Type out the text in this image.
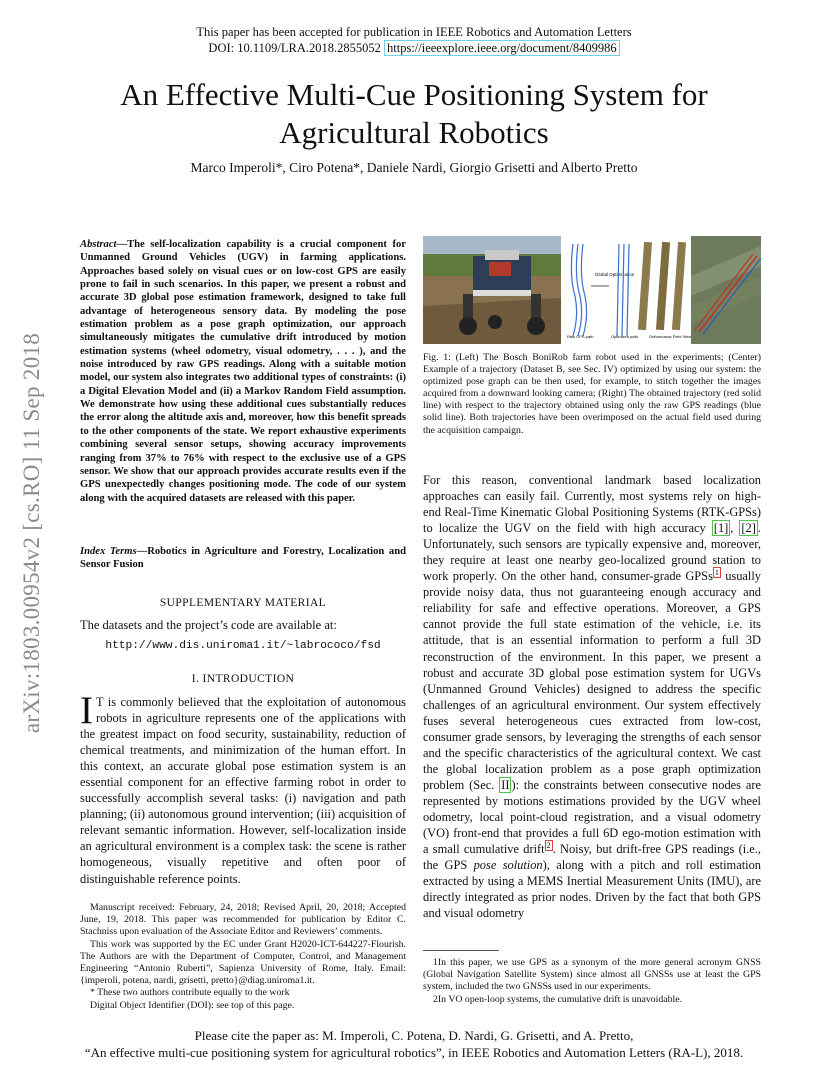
This paper has been accepted for publication in IEEE Robotics and Automation Letters
DOI: 10.1109/LRA.2018.2855052 https://ieeexplore.ieee.org/document/8409986
An Effective Multi-Cue Positioning System for
Agricultural Robotics
Marco Imperoli*, Ciro Potena*, Daniele Nardi, Giorgio Grisetti and Alberto Pretto
arXiv:1803.00954v2 [cs.RO] 11 Sep 2018
Abstract—The self-localization capability is a crucial component for Unmanned Ground Vehicles (UGV) in farming applications. Approaches based solely on visual cues or on low-cost GPS are easily prone to fail in such scenarios. In this paper, we present a robust and accurate 3D global pose estimation framework, designed to take full advantage of heterogeneous sensory data. By modeling the pose estimation problem as a pose graph optimization, our approach simultaneously mitigates the cumulative drift introduced by motion estimation systems (wheel odometry, visual odometry, . . . ), and the noise introduced by raw GPS readings. Along with a suitable motion model, our system also integrates two additional types of constraints: (i) a Digital Elevation Model and (ii) a Markov Random Field assumption. We demonstrate how using these additional cues substantially reduces the error along the altitude axis and, moreover, how this benefit spreads to the other components of the state. We report exhaustive experiments combining several sensor setups, showing accuracy improvements ranging from 37% to 76% with respect to the exclusive use of a GPS sensor. We show that our approach provides accurate results even if the GPS unexpectedly changes positioning mode. The code of our system along with the acquired datasets are released with this paper.
Index Terms—Robotics in Agriculture and Forestry, Localization and Sensor Fusion
SUPPLEMENTARY MATERIAL
The datasets and the project’s code are available at:
http://www.dis.uniroma1.it/~labrococo/fsd
I. INTRODUCTION
I T is commonly believed that the exploitation of autonomous robots in agriculture represents one of the applications with the greatest impact on food security, sustainability, reduction of chemical treatments, and minimization of the human effort. In this context, an accurate global pose estimation system is an essential component for an effective farming robot in order to successfully accomplish several tasks: (i) navigation and path planning; (ii) autonomous ground intervention; (iii) acquisition of relevant semantic information. However, self-localization inside an agricultural environment is a complex task: the scene is rather homogeneous, visually repetitive and often poor of distinguishable reference points.

Manuscript received: February, 24, 2018; Revised April, 20, 2018; Accepted June, 19, 2018. This paper was recommended for publication by Editor C. Stachniss upon evaluation of the Associate Editor and Reviewers’ comments.

This work was supported by the EC under Grant H2020-ICT-644227-Flourish. The Authors are with the Department of Computer, Control, and Management Engineering “Antonio Ruberti”, Sapienza University of Rome, Italy. Email: {imperoli, potena, nardi, grisetti, pretto}@diag.uniroma1.it.

* These two authors contribute equally to the work

Digital Object Identifier (DOI): see top of this page.

Global Optimization
Raw GPS path	Optimized path	Orthomosaic Field View
Fig. 1: (Left) The Bosch BoniRob farm robot used in the experiments; (Center) Example of a trajectory (Dataset B, see Sec. IV) optimized by using our system: the optimized pose graph can be then used, for example, to stitch together the images acquired from a downward looking camera; (Right) The obtained trajectory (red solid line) with respect to the trajectory obtained using only the raw GPS readings (blue solid line). Both trajectories have been overimposed on the actual field used during the acquisition campaign.
For this reason, conventional landmark based localization approaches can easily fail. Currently, most systems rely on high-end Real-Time Kinematic Global Positioning Systems (RTK-GPSs) to localize the UGV on the field with high accuracy [1] , [2] . Unfortunately, such sensors are typically expensive and, moreover, they require at least one nearby geo-localized ground station to work properly. On the other hand, consumer-grade GPSs $^1$ usually provide noisy data, thus not guaranteeing enough accuracy and reliability for safe and effective operations. Moreover, a GPS cannot provide the full state estimation of the vehicle, i.e. its attitude, that is an essential information to perform a full 3D reconstruction of the environment. In this paper, we present a robust and accurate 3D global pose estimation system for UGVs (Unmanned Ground Vehicles) designed to address the specific challenges of an agricultural environment. Our system effectively fuses several heterogeneous cues extracted from low-cost, consumer grade sensors, by leveraging the strengths of each sensor and the specific characteristics of the agricultural context. We cast the global localization problem as a pose graph optimization problem (Sec. II ): the constraints between consecutive nodes are represented by motions estimations provided by the UGV wheel odometry, local point-cloud registration, and a visual odometry (VO) front-end that provides a full 6D ego-motion estimation with a small cumulative drift $^2$ . Noisy, but drift-free GPS readings (i.e., the GPS pose solution), along with a pitch and roll estimation extracted by using a MEMS Inertial Measurement Units (IMU), are directly integrated as prior nodes. Driven by the fact that both GPS and visual odometry

1In this paper, we use GPS as a synonym of the more general acronym GNSS (Global Navigation Satellite System) since almost all GNSSs use at least the GPS system, included the two GNSSs used in our experiments.

2In VO open-loop systems, the cumulative drift is unavoidable.

Please cite the paper as: M. Imperoli, C. Potena, D. Nardi, G. Grisetti, and A. Pretto,
“An effective multi-cue positioning system for agricultural robotics”, in IEEE Robotics and Automation Letters (RA-L), 2018.
